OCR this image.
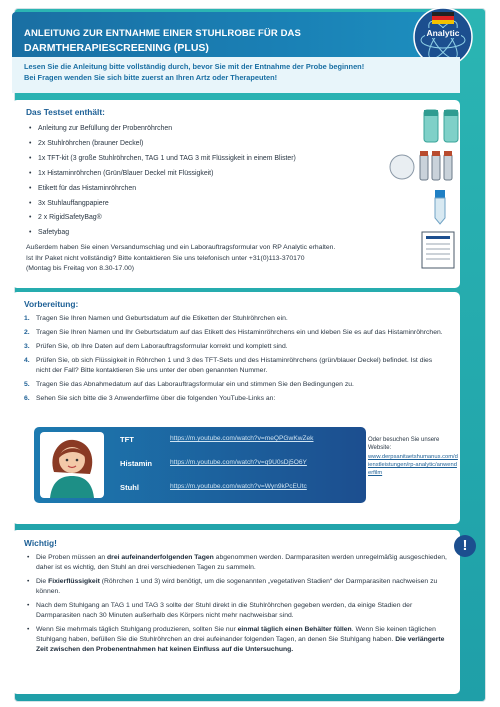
ANLEITUNG ZUR ENTNAHME EINER STUHLROBE FÜR DAS
DARMTHERAPIESCREENING (PLUS)
Analytic

Lesen Sie die Anleitung bitte vollständig durch, bevor Sie mit der Entnahme der Probe beginnen!

Bei Fragen wenden Sie sich bitte zuerst an Ihren Artz oder Therapeuten!

Das Testset enthält:
• Anleitung zur Befüllung der Probenröhrchen
• 2x Stuhlröhrchen (brauner Deckel)
• 1x TFT-kit (3 große Stuhlröhrchen, TAG 1 und TAG 3 mit Flüssigkeit in einem Blister)
• 1x Histaminröhrchen (Grün/Blauer Deckel mit Flüssigkeit)
• Etikett für das Histaminröhrchen
• 3x Stuhlauffangpapiere
• 2 x RigidSafetyBag®
• Safetybag
Außerdem haben Sie einen Versandumschlag und ein Laborauftragsformular von RP Analytic erhalten.
Ist Ihr Paket nicht vollständig? Bitte kontaktieren Sie uns telefonisch unter +31(0)113-370170
(Montag bis Freitag von 8.30-17.00)
Vorbereitung:
1. Tragen Sie Ihren Namen und Geburtsdatum auf die Etiketten der Stuhlröhrchen ein.
2. Tragen Sie Ihren Namen und Ihr Geburtsdatum auf das Etikett des Histaminröhrchens ein und kleben Sie es auf das Histaminröhrchen.
3. Prüfen Sie, ob Ihre Daten auf dem Laborauftragsformular korrekt und komplett sind.
4. Prüfen Sie, ob sich Flüssigkeit in Röhrchen 1 und 3 des TFT-Sets und des Histaminröhrchens (grün/blauer Deckel) befindet. Ist dies nicht der Fall? Bitte kontaktieren Sie uns unter der oben genannten Nummer.
5. Tragen Sie das Abnahmedatum auf das Laborauftragsformular ein und stimmen Sie den Bedingungen zu.
6. Sehen Sie sich bitte die 3 Anwenderfilme über die folgenden YouTube-Links an:
TFT	https://m.youtube.com/watch?v=meQPGwKwZek
Histamin	https://m.youtube.com/watch?v=q9U0sDj5O6Y
Stuhl	https://m.youtube.com/watch?v=Wyn9kPcEUtc
Oder besuchen Sie unsere Website:
www.derpsanitaetshumanus.com/dienstleistungen/rp-analytic/anwenderfilm
Wichtig!
• Die Proben müssen an drei aufeinanderfolgenden Tagen abgenommen werden. Darmparasiten werden unregelmäßig ausgeschieden, daher ist es wichtig, den Stuhl an drei verschiedenen Tagen zu sammeln.
• Die Fixierflüssigkeit (Röhrchen 1 und 3) wird benötigt, um die sogenannten „vegetativen Stadien“ der Darmparasiten nachweisen zu können.
• Nach dem Stuhlgang an TAG 1 und TAG 3 sollte der Stuhl direkt in die Stuhlröhrchen gegeben werden, da einige Stadien der Darmparasiten nach 30 Minuten außerhalb des Körpers nicht mehr nachweisbar sind.
• Wenn Sie mehrmals täglich Stuhlgang produzieren, sollten Sie nur einmal täglich einen Behälter füllen. Wenn Sie keinen täglichen Stuhlgang haben, befüllen Sie die Stuhlröhrchen an drei aufeinander folgenden Tagen, an denen Sie Stuhlgang haben. Die verlängerte Zeit zwischen den Probenentnahmen hat keinen Einfluss auf die Untersuchung.
!
